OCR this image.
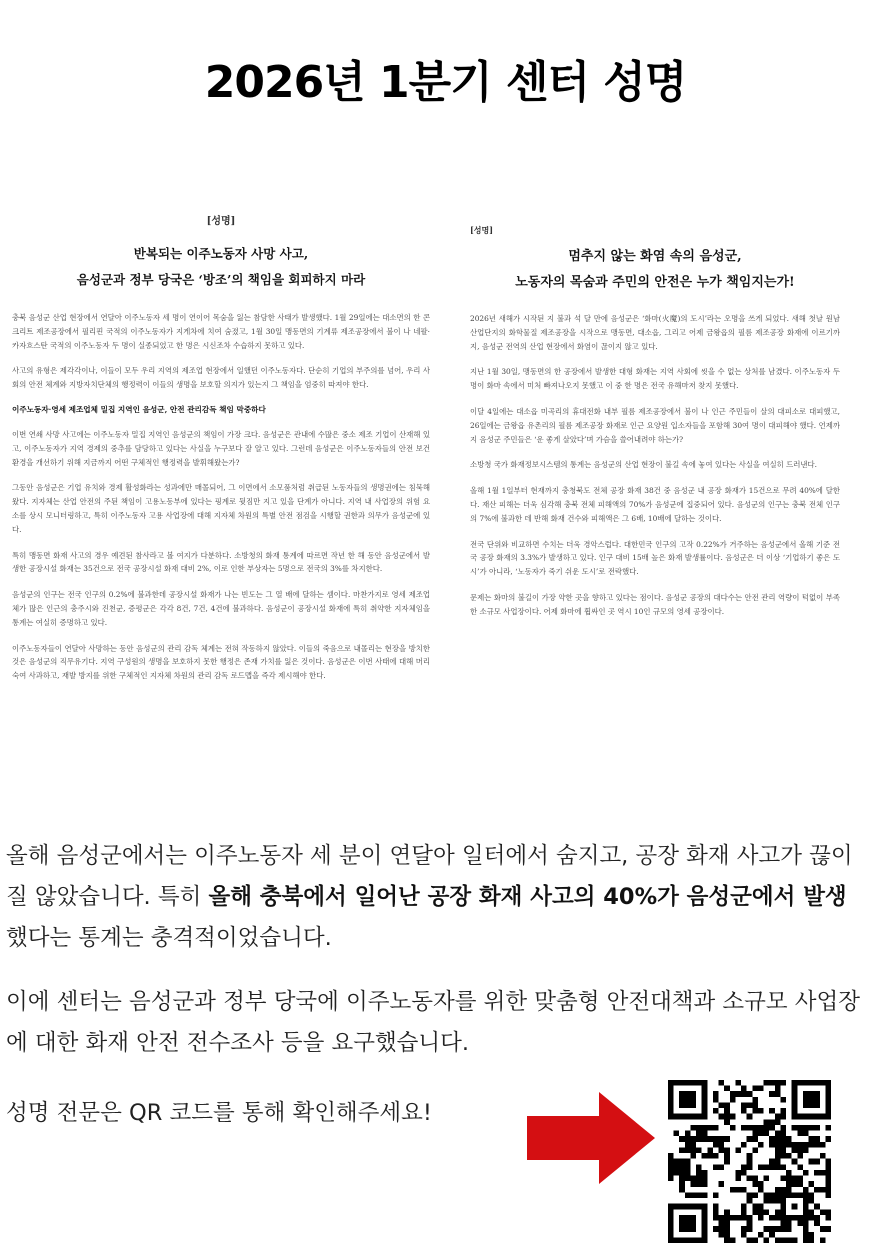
2026년 1분기 센터 성명
[성명]
반복되는 이주노동자 사망 사고,
음성군과 정부 당국은 ‘방조’의 책임을 회피하지 마라

충북 음성군 산업 현장에서 연달아 이주노동자 세 명이 연이어 목숨을 잃는 참담한 사태가 발생했다. 1월 29일에는 대소면의 한 콘크리트 제조공장에서 필리핀 국적의 이주노동자가 지게차에 치여 숨졌고, 1월 30일 맹동면의 기계류 제조공장에서 불이 나 네팔·카자흐스탄 국적의 이주노동자 두 명이 실종되었고 한 명은 시신조차 수습하지 못하고 있다.

사고의 유형은 제각각이나, 이들이 모두 우리 지역의 제조업 현장에서 일했던 이주노동자다. 단순히 기업의 부주의를 넘어, 우리 사회의 안전 체계와 지방자치단체의 행정력이 이들의 생명을 보호할 의지가 있는지 그 책임을 엄중히 따져야 한다.

이주노동자·영세 제조업체 밀집 지역인 음성군, 안전 관리감독 책임 막중하다

이번 연쇄 사망 사고에는 이주노동자 밀집 지역인 음성군의 책임이 가장 크다. 음성군은 관내에 수많은 중소 제조 기업이 산재해 있고, 이주노동자가 지역 경제의 중추를 담당하고 있다는 사실을 누구보다 잘 알고 있다. 그런데 음성군은 이주노동자들의 안전 보건 환경을 개선하기 위해 지금까지 어떤 구체적인 행정력을 발휘해왔는가?

그동안 음성군은 기업 유치와 경제 활성화라는 성과에만 매몰되어, 그 이면에서 소모품처럼 취급된 노동자들의 생명권에는 침묵해왔다. 지자체는 산업 안전의 주된 책임이 고용노동부에 있다는 핑계로 뒷짐만 지고 있을 단계가 아니다. 지역 내 사업장의 위험 요소를 상시 모니터링하고, 특히 이주노동자 고용 사업장에 대해 지자체 차원의 특별 안전 점검을 시행할 권한과 의무가 음성군에 있다.

특히 맹동면 화재 사고의 경우 예견된 참사라고 볼 여지가 다분하다. 소방청의 화재 통계에 따르면 작년 한 해 동안 음성군에서 발생한 공장시설 화재는 35건으로 전국 공장시설 화재 대비 2%, 이로 인한 부상자는 5명으로 전국의 3%를 차지한다.

음성군의 인구는 전국 인구의 0.2%에 불과한데 공장시설 화재가 나는 빈도는 그 열 배에 달하는 셈이다. 마찬가지로 영세 제조업체가 많은 인근의 충주시와 진천군, 증평군은 각각 8건, 7건, 4건에 불과하다. 음성군이 공장시설 화재에 특히 취약한 지자체임을 통계는 여실히 증명하고 있다.

이주노동자들이 연달아 사망하는 동안 음성군의 관리 감독 체계는 전혀 작동하지 않았다. 이들의 죽음으로 내몰리는 현장을 방치한 것은 음성군의 직무유기다. 지역 구성원의 생명을 보호하지 못한 행정은 존재 가치를 잃은 것이다. 음성군은 이번 사태에 대해 머리 숙여 사과하고, 재발 방지를 위한 구체적인 지자체 차원의 관리 감독 로드맵을 즉각 제시해야 한다.

[성명]
멈추지 않는 화염 속의 음성군,
노동자의 목숨과 주민의 안전은 누가 책임지는가!

2026년 새해가 시작된 지 불과 석 달 만에 음성군은 ‘화마(火魔)의 도시’라는 오명을 쓰게 되었다. 새해 첫날 원남 산업단지의 화학물질 제조공장을 시작으로 맹동면, 대소읍, 그리고 어제 금왕읍의 필름 제조공장 화재에 이르기까지, 음성군 전역의 산업 현장에서 화염이 끊이지 않고 있다.

지난 1월 30일, 맹동면의 한 공장에서 발생한 대형 화재는 지역 사회에 씻을 수 없는 상처를 남겼다. 이주노동자 두 명이 화마 속에서 미처 빠져나오지 못했고 이 중 한 명은 전국 유해마저 찾지 못했다.

이달 4일에는 대소읍 미곡리의 휴대전화 내부 필름 제조공장에서 불이 나 인근 주민들이 살의 대피소로 대피했고, 26일에는 금왕읍 유촌리의 필름 제조공장 화재로 인근 요양원 입소자들을 포함해 30여 명이 대피해야 했다. 언제까지 음성군 주민들은 ‘운 좋게 살았다’며 가슴을 쓸어내려야 하는가?

소방청 국가 화재정보시스템의 통계는 음성군의 산업 현장이 불길 속에 놓여 있다는 사실을 여실히 드러낸다.

올해 1월 1일부터 현재까지 충청북도 전체 공장 화재 38건 중 음성군 내 공장 화재가 15건으로 무려 40%에 달한다. 재산 피해는 더욱 심각해 충북 전체 피해액의 70%가 음성군에 집중되어 있다. 음성군의 인구는 충북 전체 인구의 7%에 불과한 데 반해 화재 건수와 피해액은 그 6배, 10배에 달하는 것이다.

전국 단위와 비교하면 수치는 더욱 경악스럽다. 대한민국 인구의 고작 0.22%가 거주하는 음성군에서 올해 기준 전국 공장 화재의 3.3%가 발생하고 있다. 인구 대비 15배 높은 화재 발생률이다. 음성군은 더 이상 ‘기업하기 좋은 도시’가 아니라, ‘노동자가 죽기 쉬운 도시’로 전락했다.

문제는 화마의 불길이 가장 약한 곳을 향하고 있다는 점이다. 음성군 공장의 대다수는 안전 관리 역량이 턱없이 부족한 소규모 사업장이다. 어제 화마에 휩싸인 곳 역시 10인 규모의 영세 공장이다.

올해 음성군에서는 이주노동자 세 분이 연달아 일터에서 숨지고, 공장 화재 사고가 끊이질 않았습니다. 특히 올해 충북에서 일어난 공장 화재 사고의 40%가 음성군에서 발생했다는 통계는 충격적이었습니다.
이에 센터는 음성군과 정부 당국에 이주노동자를 위한 맞춤형 안전대책과 소규모 사업장에 대한 화재 안전 전수조사 등을 요구했습니다.
성명 전문은 QR 코드를 통해 확인해주세요!
